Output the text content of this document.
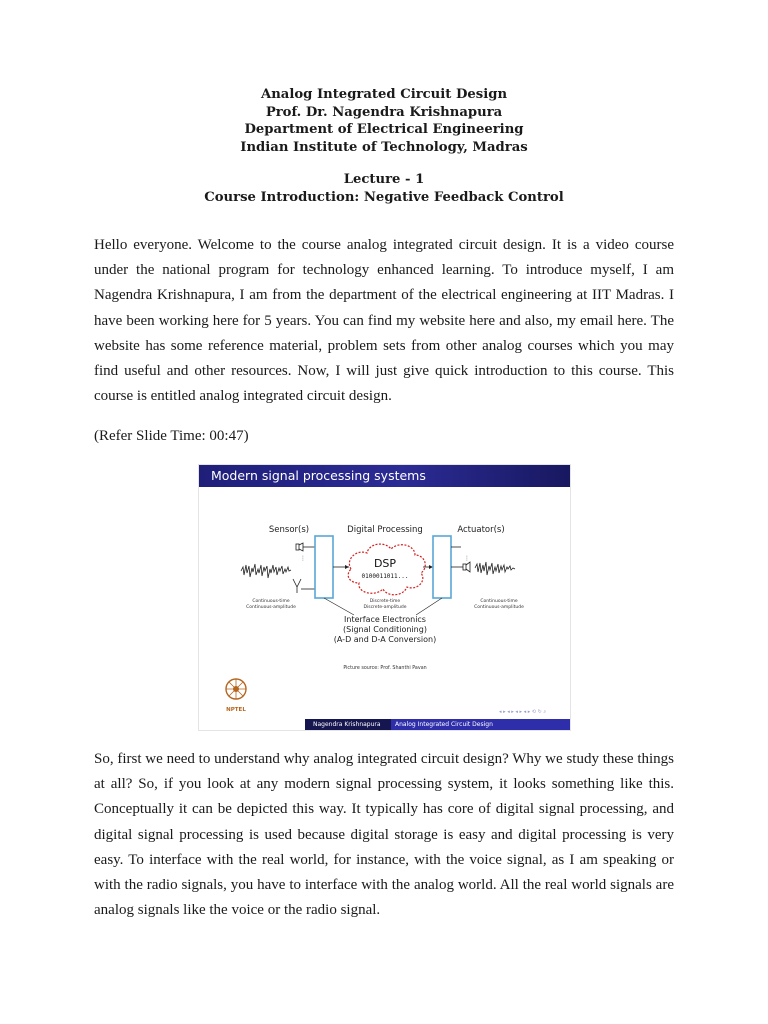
Analog Integrated Circuit Design
Prof. Dr. Nagendra Krishnapura
Department of Electrical Engineering
Indian Institute of Technology, Madras
Lecture - 1
Course Introduction: Negative Feedback Control

Hello everyone. Welcome to the course analog integrated circuit design. It is a video course under the national program for technology enhanced learning. To introduce myself, I am Nagendra Krishnapura, I am from the department of the electrical engineering at IIT Madras. I have been working here for 5 years. You can find my website here and also, my email here. The website has some reference material, problem sets from other analog courses which you may find useful and other resources. Now, I will just give quick introduction to this course. This course is entitled analog integrated circuit design.

(Refer Slide Time: 00:47)
Modern signal processing systems
Sensor(s)	Digital Processing	Actuator(s)
⋮	DSP
0100011011...
⋮
Continuous-time
Continuous-amplitude
Discrete-time
Discrete-amplitude
Continuous-time
Continuous-amplitude
Interface Electronics
(Signal Conditioning)
(A-D and D-A Conversion)
Picture source: Prof. Shanthi Pavan
NPTEL	◂ ▸ ◂ ▸ ◂ ▸ ◂ ▸ ⟲ ↻ ⌕
Nagendra Krishnapura Analog Integrated Circuit Design

So, first we need to understand why analog integrated circuit design? Why we study these things at all? So, if you look at any modern signal processing system, it looks something like this. Conceptually it can be depicted this way. It typically has core of digital signal processing, and digital signal processing is used because digital storage is easy and digital processing is very easy. To interface with the real world, for instance, with the voice signal, as I am speaking or with the radio signals, you have to interface with the analog world. All the real world signals are analog signals like the voice or the radio signal.
